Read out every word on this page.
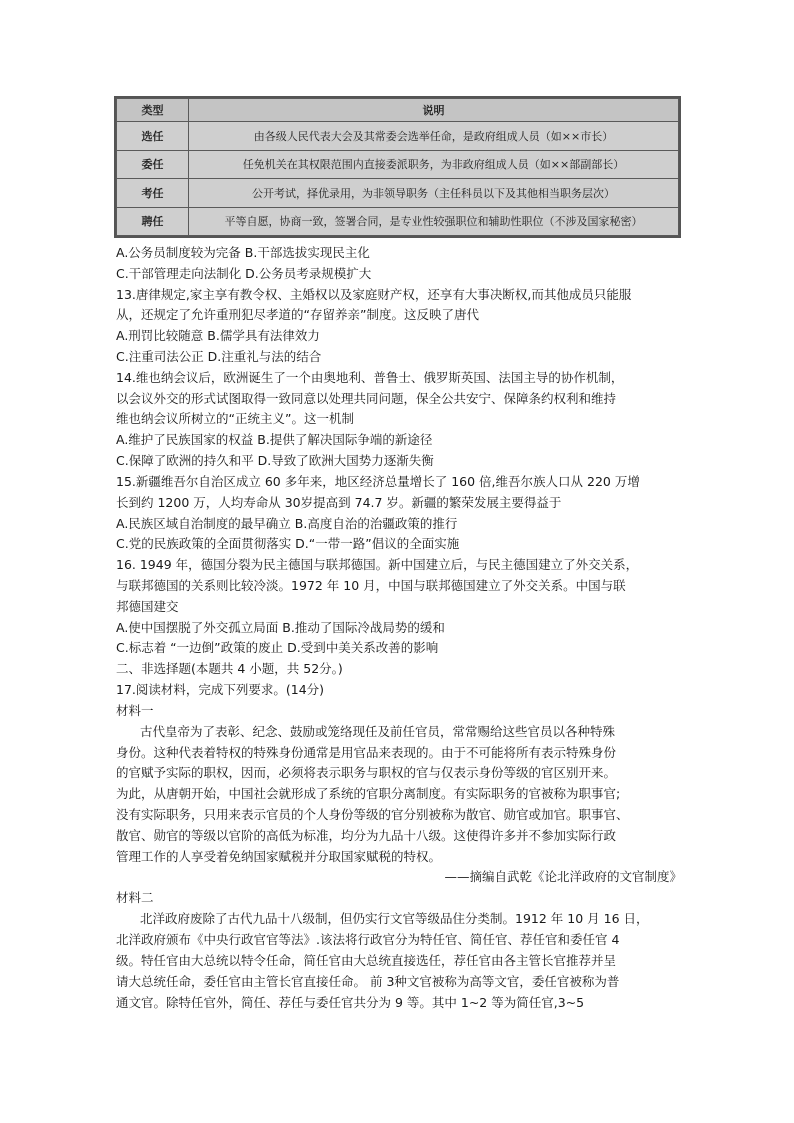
类型	说明
选任	由各级人民代表大会及其常委会选举任命，是政府组成人员（如××市长）
委任	任免机关在其权限范围内直接委派职务，为非政府组成人员（如××部副部长）
考任	公开考试，择优录用，为非领导职务（主任科员以下及其他相当职务层次）
聘任	平等自愿，协商一致，签署合同，是专业性较强职位和辅助性职位（不涉及国家秘密）
A.公务员制度较为完备 B.干部选拔实现民主化
C.干部管理走向法制化 D.公务员考录规模扩大
13.唐律规定,家主享有教令权、主婚权以及家庭财产权，还享有大事决断权,而其他成员只能服
从，还规定了允许重刑犯尽孝道的“存留养亲”制度。这反映了唐代
A.刑罚比较随意 B.儒学具有法律效力
C.注重司法公正 D.注重礼与法的结合
14.维也纳会议后，欧洲诞生了一个由奥地利、普鲁士、俄罗斯英国、法国主导的协作机制，
以会议外交的形式试图取得一致同意以处理共同问题，保全公共安宁、保障条约权利和维持
维也纳会议所树立的“正统主义”。这一机制
A.维护了民族国家的权益 B.提供了解决国际争端的新途径
C.保障了欧洲的持久和平 D.导致了欧洲大国势力逐渐失衡
15.新疆维吾尔自治区成立 60 多年来，地区经济总量增长了 160 倍,维吾尔族人口从 220 万增
长到约 1200 万，人均寿命从 30岁提高到 74.7 岁。新疆的繁荣发展主要得益于
A.民族区域自治制度的最早确立 B.高度自治的治疆政策的推行
C.党的民族政策的全面贯彻落实 D.“一带一路”倡议的全面实施
16. 1949 年，德国分裂为民主德国与联邦德国。新中国建立后，与民主德国建立了外交关系，
与联邦德国的关系则比较冷淡。1972 年 10 月，中国与联邦德国建立了外交关系。中国与联
邦德国建交
A.使中国摆脱了外交孤立局面 B.推动了国际冷战局势的缓和
C.标志着 “一边倒”政策的废止 D.受到中美关系改善的影响
二、非选择题(本题共 4 小题，共 52分。)
17.阅读材料，完成下列要求。(14分)
材料一
古代皇帝为了表彰、纪念、鼓励或笼络现任及前任官员，常常赐给这些官员以各种特殊
身份。这种代表着特权的特殊身份通常是用官品来表现的。由于不可能将所有表示特殊身份
的官赋予实际的职权，因而，必须将表示职务与职权的官与仅表示身份等级的官区别开来。
为此，从唐朝开始，中国社会就形成了系统的官职分离制度。有实际职务的官被称为职事官;
没有实际职务，只用来表示官员的个人身份等级的官分别被称为散官、勋官或加官。职事官、
散官、勋官的等级以官阶的高低为标准，均分为九品十八级。这使得许多并不参加实际行政
管理工作的人享受着免纳国家赋税并分取国家赋税的特权。
——摘编自武乾《论北洋政府的文官制度》
材料二
北洋政府废除了古代九品十八级制，但仍实行文官等级品住分类制。1912 年 10 月 16 日，
北洋政府颁布《中央行政官官等法》.该法将行政官分为特任官、简任官、荐任官和委任官 4
级。特任官由大总统以特令任命，简任官由大总统直接选任，荐任官由各主管长官推荐并呈
请大总统任命，委任官由主管长官直接任命。 前 3种文官被称为高等文官，委任官被称为普
通文官。除特任官外，简任、荐任与委任官共分为 9 等。其中 1~2 等为简任官,3~5
